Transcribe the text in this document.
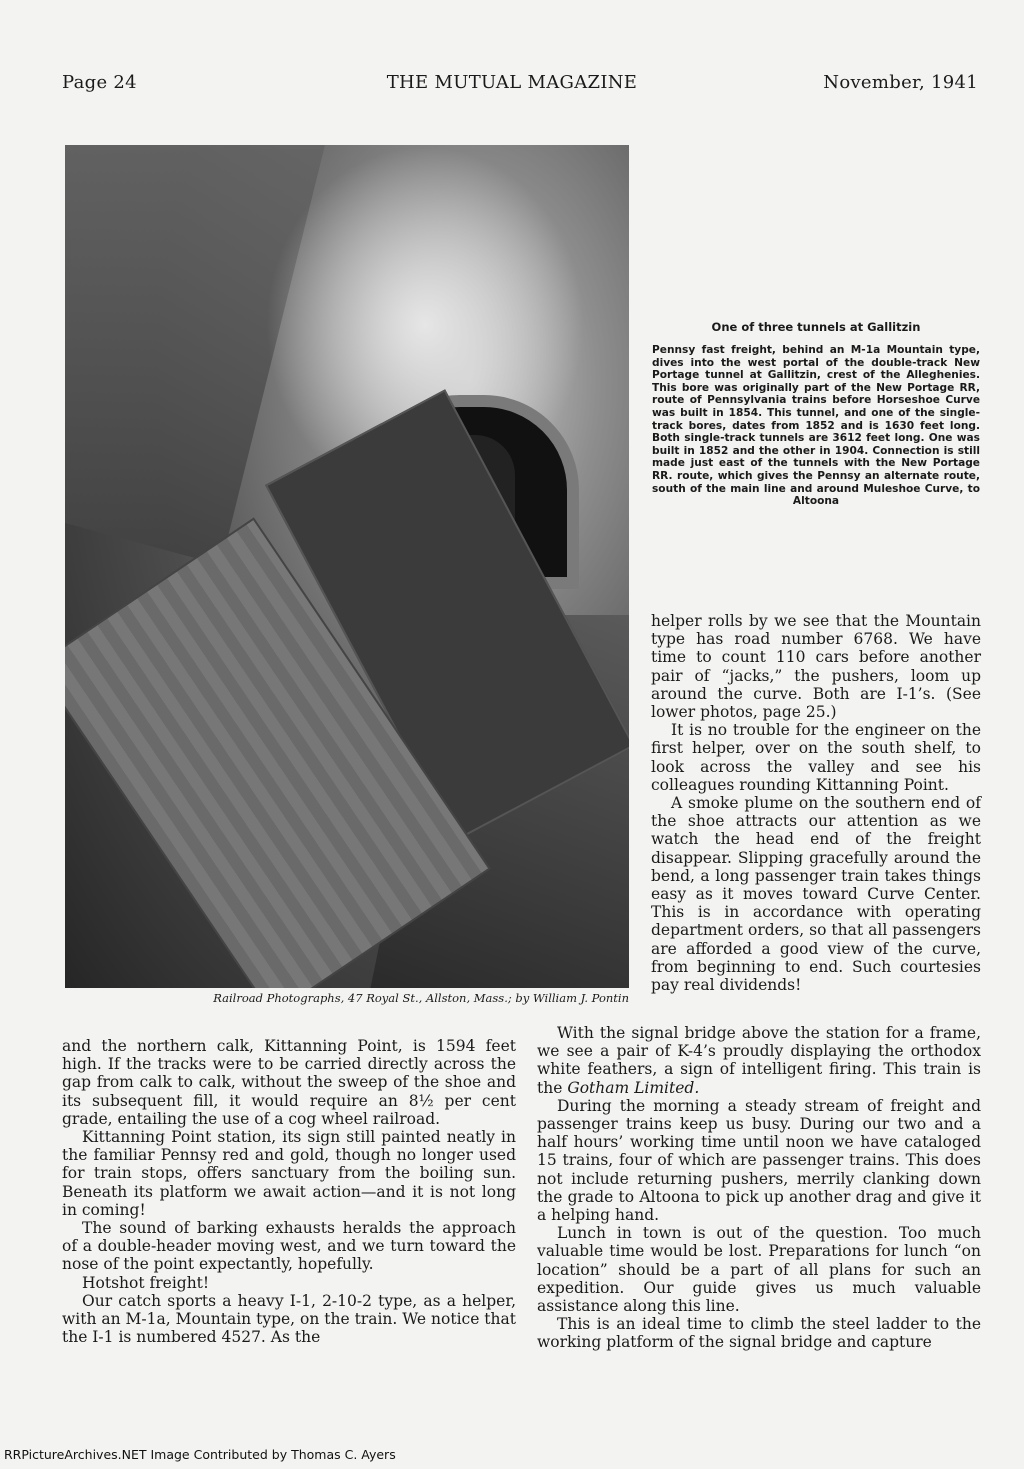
Page 24	THE MUTUAL MAGAZINE	November, 1941
Railroad Photographs, 47 Royal St., Allston, Mass.; by William J. Pontin
One of three tunnels at Gallitzin
Pennsy fast freight, behind an M-1a Mountain type, dives into the west portal of the double-track New Portage tunnel at Gallitzin, crest of the Alleghenies. This bore was originally part of the New Portage RR, route of Pennsylvania trains before Horseshoe Curve was built in 1854. This tunnel, and one of the single-track bores, dates from 1852 and is 1630 feet long. Both single-track tunnels are 3612 feet long. One was built in 1852 and the other in 1904. Connection is still made just east of the tunnels with the New Portage RR. route, which gives the Pennsy an alternate route, south of the main line and around Muleshoe Curve, to Altoona

helper rolls by we see that the Mountain type has road number 6768. We have time to count 110 cars before another pair of “jacks,” the pushers, loom up around the curve. Both are I-1’s. (See lower photos, page 25.)

It is no trouble for the engineer on the first helper, over on the south shelf, to look across the valley and see his colleagues rounding Kittanning Point.

A smoke plume on the southern end of the shoe attracts our attention as we watch the head end of the freight disappear. Slipping gracefully around the bend, a long passenger train takes things easy as it moves toward Curve Center. This is in accordance with operating department orders, so that all passengers are afforded a good view of the curve, from beginning to end. Such courtesies pay real dividends!

and the northern calk, Kittanning Point, is 1594 feet high. If the tracks were to be carried directly across the gap from calk to calk, without the sweep of the shoe and its subsequent fill, it would require an 8½ per cent grade, entailing the use of a cog wheel railroad.

Kittanning Point station, its sign still painted neatly in the familiar Pennsy red and gold, though no longer used for train stops, offers sanctuary from the boiling sun. Beneath its platform we await action—and it is not long in coming!

The sound of barking exhausts heralds the approach of a double-header moving west, and we turn toward the nose of the point expectantly, hopefully.

Hotshot freight!

Our catch sports a heavy I-1, 2-10-2 type, as a helper, with an M-1a, Mountain type, on the train. We notice that the I-1 is numbered 4527. As the

With the signal bridge above the station for a frame, we see a pair of K-4’s proudly displaying the orthodox white feathers, a sign of intelligent firing. This train is the Gotham Limited.

During the morning a steady stream of freight and passenger trains keep us busy. During our two and a half hours’ working time until noon we have cataloged 15 trains, four of which are passenger trains. This does not include returning pushers, merrily clanking down the grade to Altoona to pick up another drag and give it a helping hand.

Lunch in town is out of the question. Too much valuable time would be lost. Preparations for lunch “on location” should be a part of all plans for such an expedition. Our guide gives us much valuable assistance along this line.

This is an ideal time to climb the steel ladder to the working platform of the signal bridge and capture

RRPictureArchives.NET Image Contributed by Thomas C. Ayers
